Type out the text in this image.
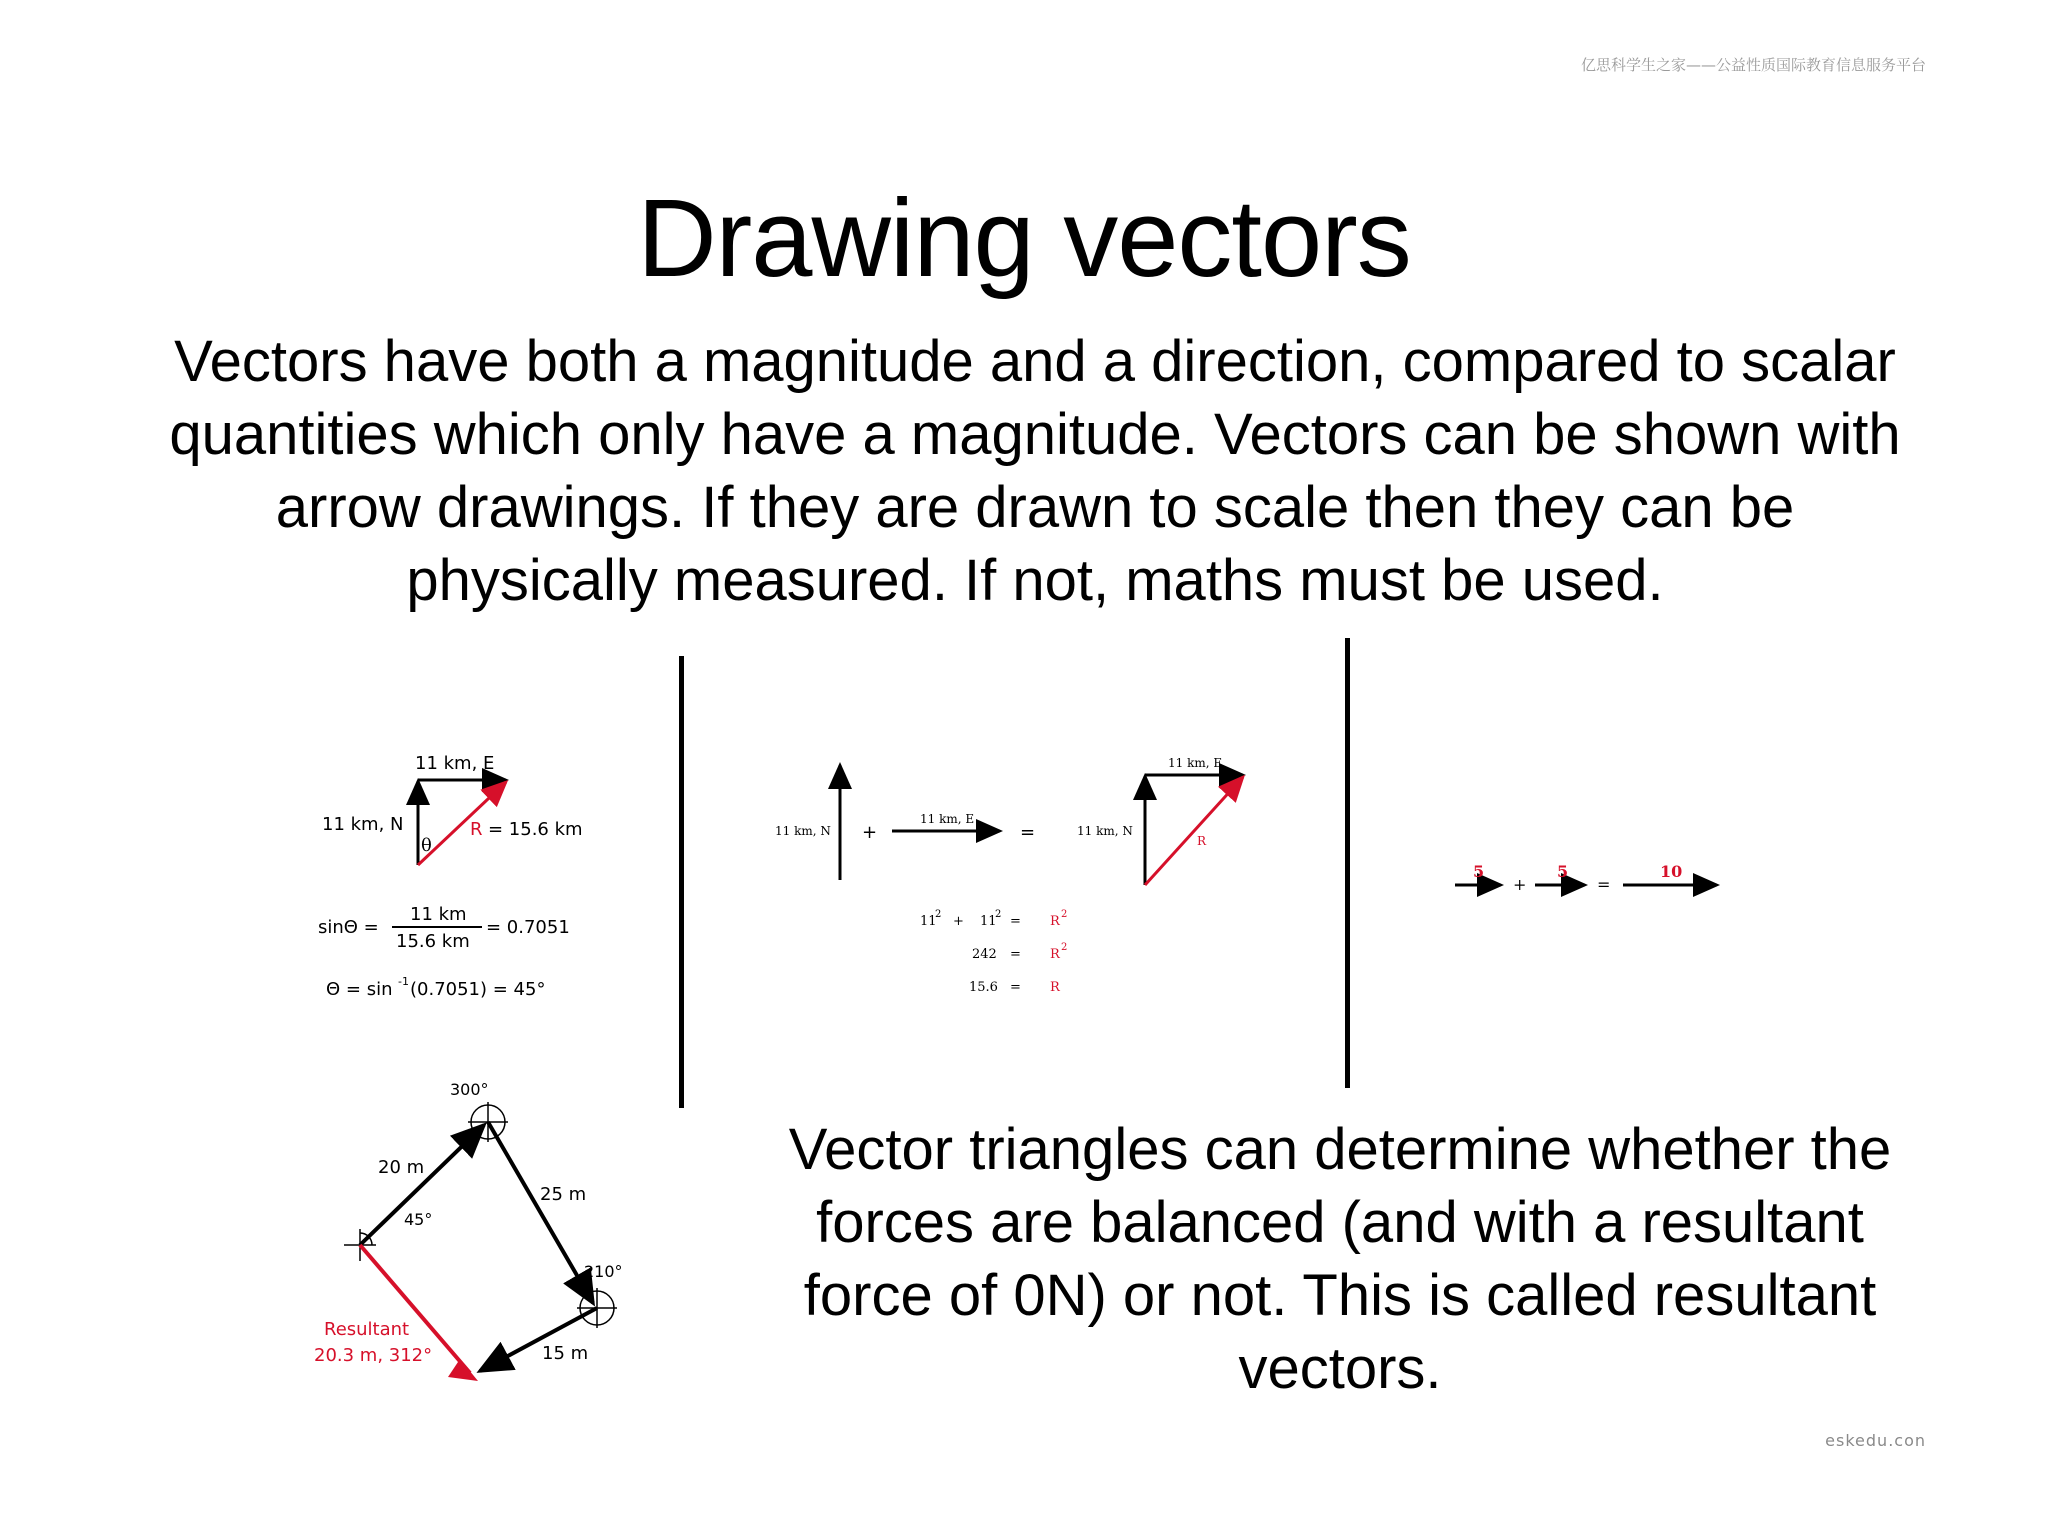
亿思科学生之家——公益性质国际教育信息服务平台
Drawing vectors
Vectors have both a magnitude and a direction, compared to scalar quantities which only have a magnitude. Vectors can be shown with arrow drawings. If they are drawn to scale then they can be physically measured. If not, maths must be used.
11 km, E
11 km, N
θ
R = 15.6 km
sinΘ =
11 km
15.6 km
= 0.7051
Θ = sin -1 (0.7051) = 45°
11 km, N +
11 km, E
=
11 km, E
11 km, N
R
11
2 + 11
2 = R 2
242 = R 2
15.6 = R
5
+
5
=
10
300°
20 m
45°
25 m
210°
15 m
Resultant
20.3 m, 312°
Vector triangles can determine whether the forces are balanced (and with a resultant force of 0N) or not. This is called resultant vectors.
eskedu.con
